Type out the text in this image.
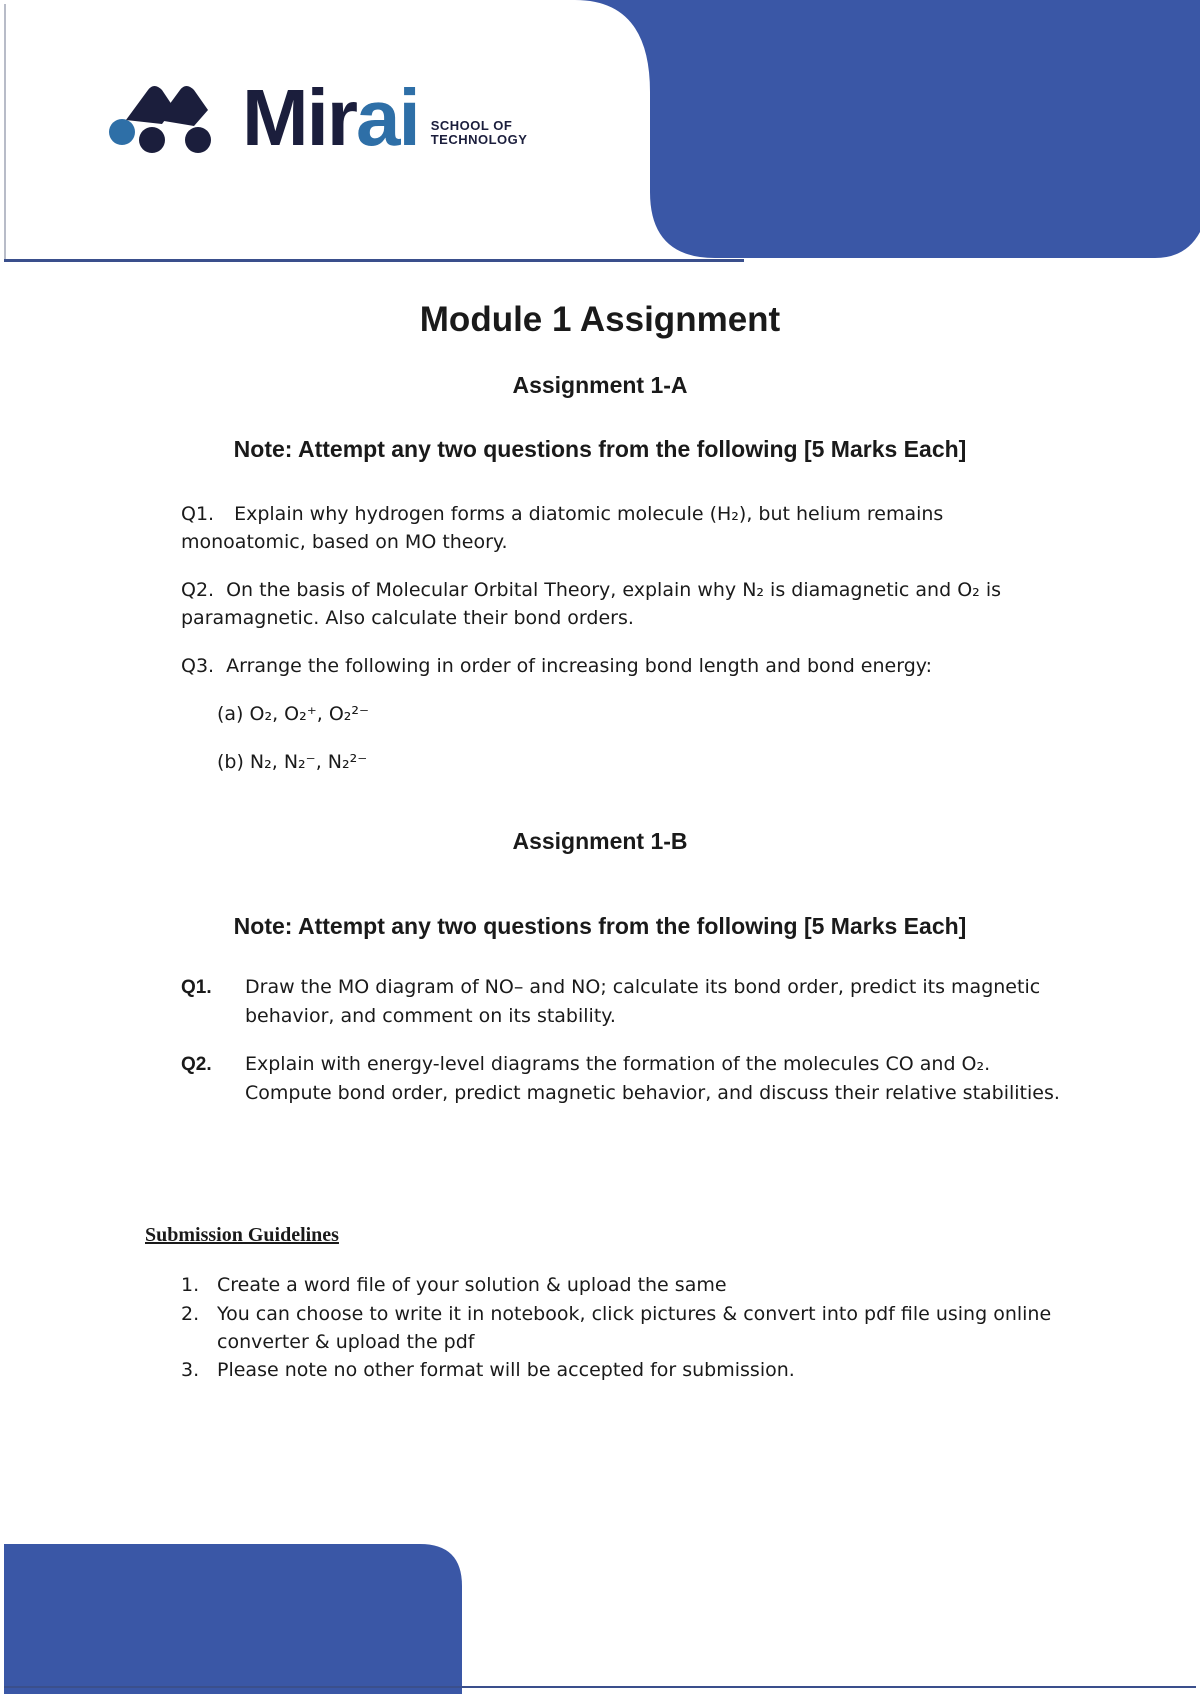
Mirai SCHOOL OF
TECHNOLOGY
Module 1 Assignment
Assignment 1-A
Note: Attempt any two questions from the following [5 Marks Each]
Q1. Explain why hydrogen forms a diatomic molecule (H₂), but helium remains monoatomic, based on MO theory.
Q2. On the basis of Molecular Orbital Theory, explain why N₂ is diamagnetic and O₂ is paramagnetic. Also calculate their bond orders.
Q3. Arrange the following in order of increasing bond length and bond energy:
(a) O₂, O₂⁺, O₂²⁻
(b) N₂, N₂⁻, N₂²⁻
Assignment 1-B
Note: Attempt any two questions from the following [5 Marks Each]
Q1. Draw the MO diagram of NO– and NO; calculate its bond order, predict its magnetic behavior, and comment on its stability.
Q2. Explain with energy-level diagrams the formation of the molecules CO and O₂. Compute bond order, predict magnetic behavior, and discuss their relative stabilities.
Submission Guidelines
1. Create a word file of your solution & upload the same
2. You can choose to write it in notebook, click pictures & convert into pdf file using online converter & upload the pdf
3. Please note no other format will be accepted for submission.
